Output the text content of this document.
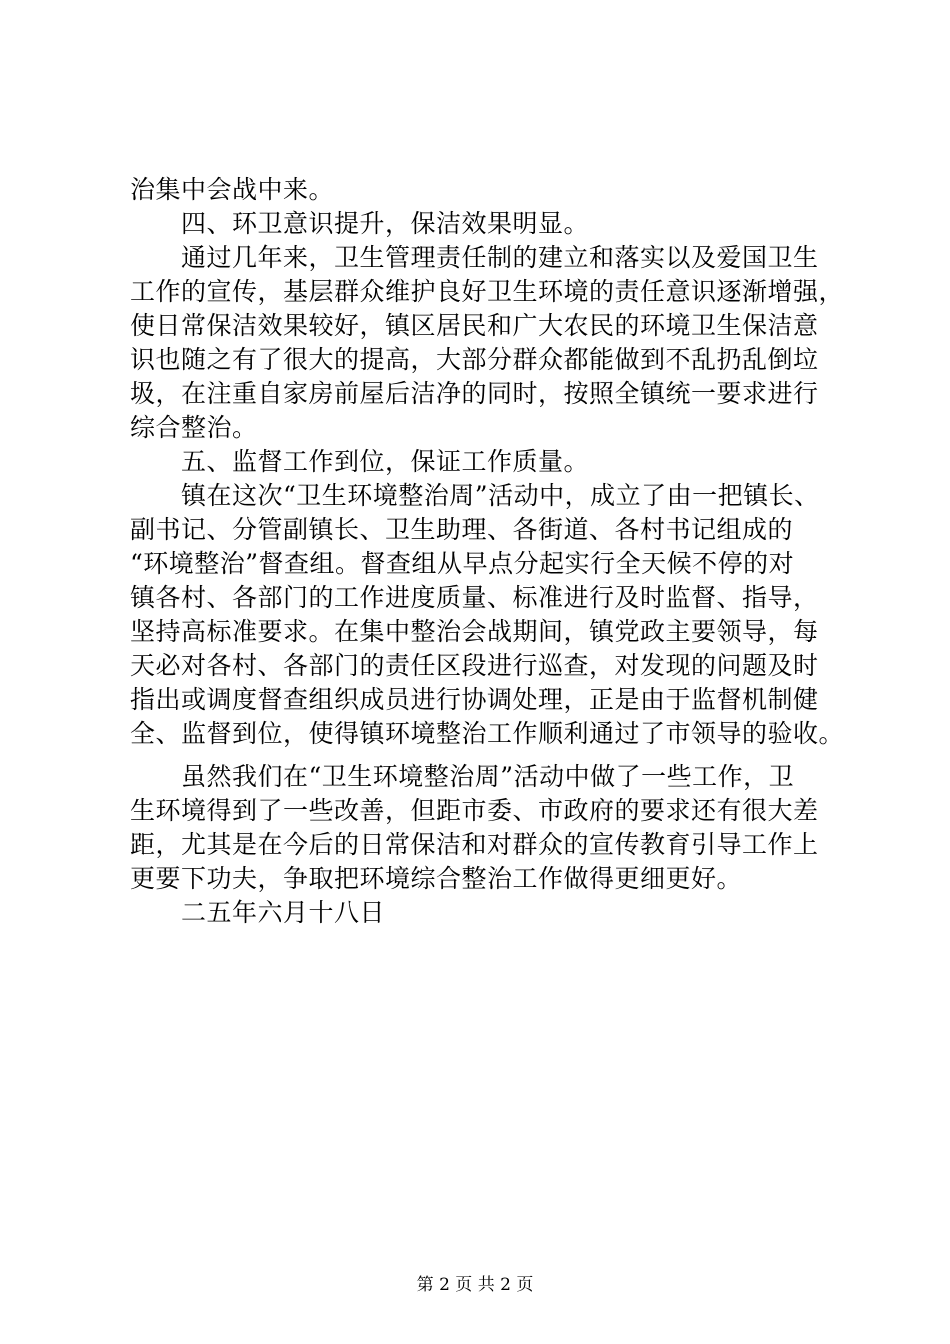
治集中会战中来。
　　四、环卫意识提升，保洁效果明显。
　　通过几年来，卫生管理责任制的建立和落实以及爱国卫生
工作的宣传，基层群众维护良好卫生环境的责任意识逐渐增强，
使日常保洁效果较好，镇区居民和广大农民的环境卫生保洁意
识也随之有了很大的提高，大部分群众都能做到不乱扔乱倒垃
圾，在注重自家房前屋后洁净的同时，按照全镇统一要求进行
综合整治。
　　五、监督工作到位，保证工作质量。
　　镇在这次“卫生环境整治周”活动中，成立了由一把镇长、
副书记、分管副镇长、卫生助理、各街道、各村书记组成的
“环境整治”督查组。督查组从早点分起实行全天候不停的对
镇各村、各部门的工作进度质量、标准进行及时监督、指导，
坚持高标准要求。在集中整治会战期间，镇党政主要领导，每
天必对各村、各部门的责任区段进行巡查，对发现的问题及时
指出或调度督查组织成员进行协调处理，正是由于监督机制健
全、监督到位，使得镇环境整治工作顺利通过了市领导的验收。
　　虽然我们在“卫生环境整治周”活动中做了一些工作，卫
生环境得到了一些改善，但距市委、市政府的要求还有很大差
距，尤其是在今后的日常保洁和对群众的宣传教育引导工作上
更要下功夫，争取把环境综合整治工作做得更细更好。
　　二五年六月十八日
第 2 页 共 2 页
